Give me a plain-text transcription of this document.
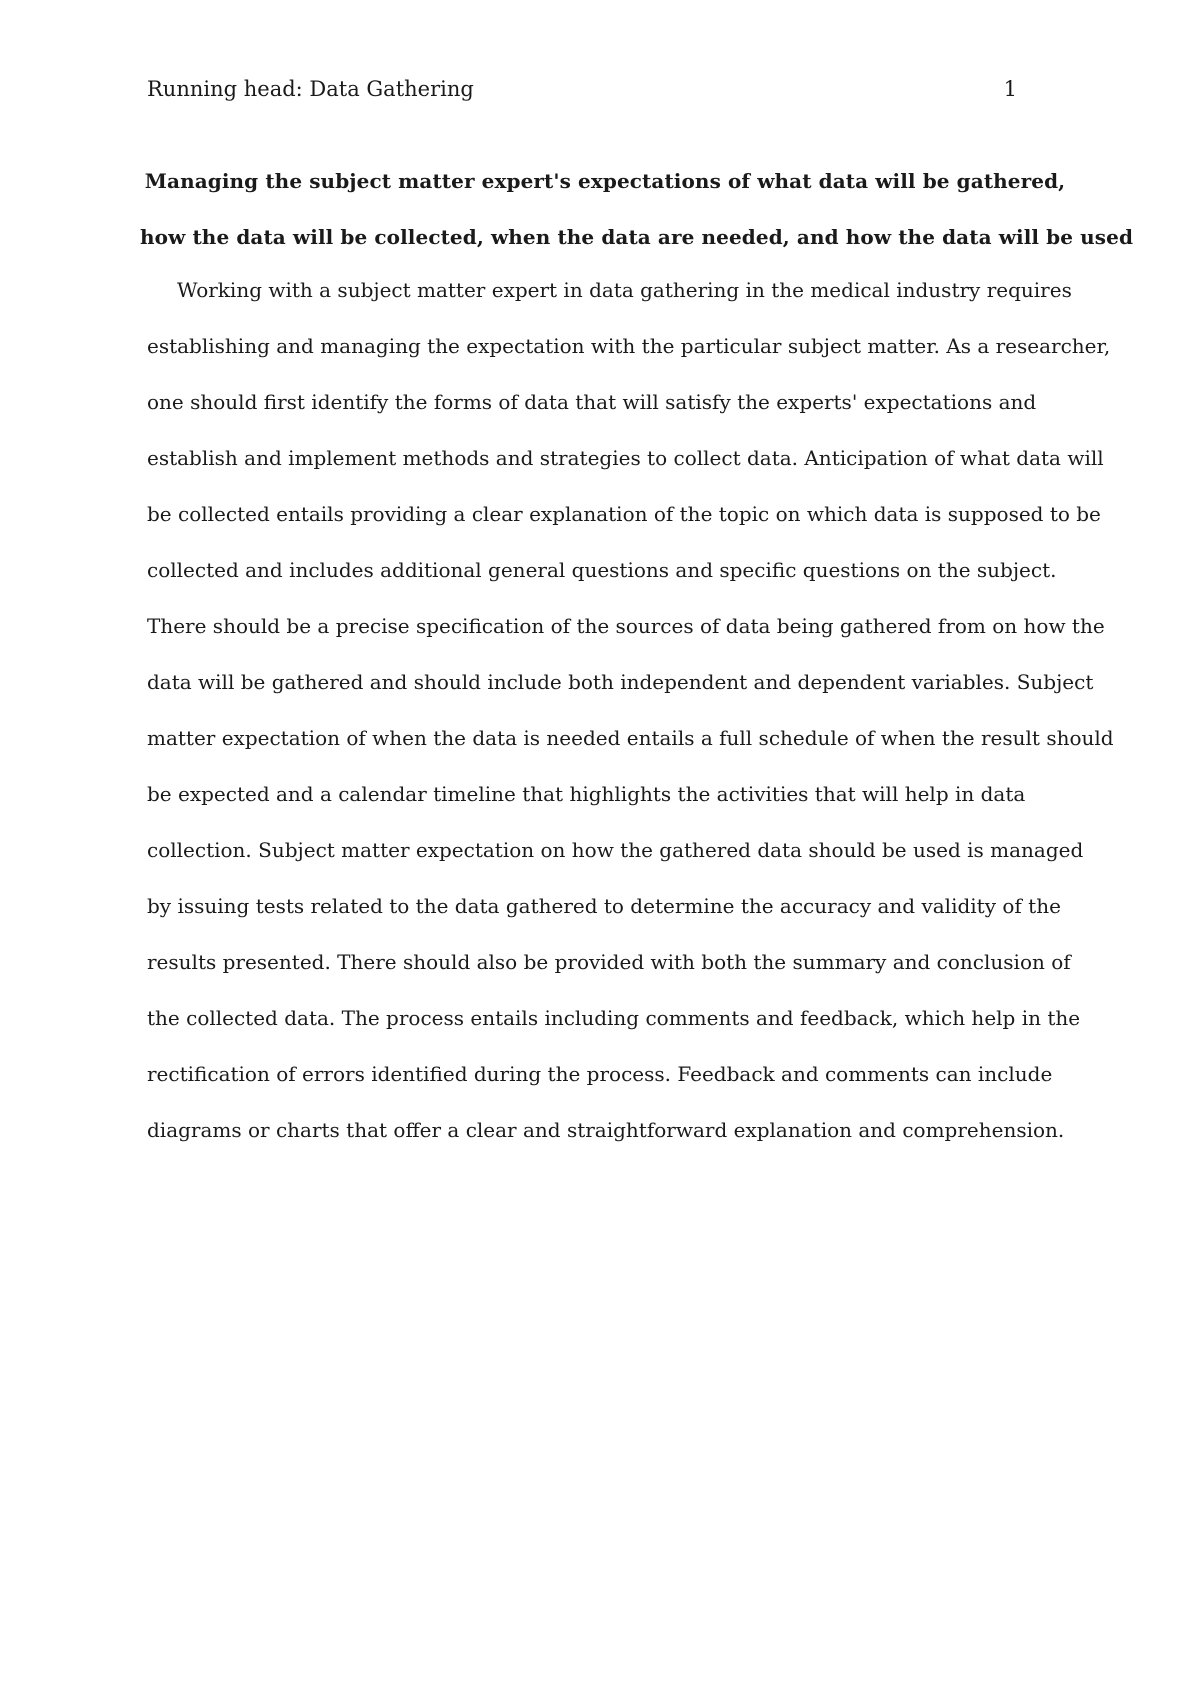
Running head: Data Gathering	1
Managing the subject matter expert's expectations of what data will be gathered,
how the data will be collected, when the data are needed, and how the data will be used
Working with a subject matter expert in data gathering in the medical industry requires
establishing and managing the expectation with the particular subject matter. As a researcher,
one should first identify the forms of data that will satisfy the experts' expectations and
establish and implement methods and strategies to collect data. Anticipation of what data will
be collected entails providing a clear explanation of the topic on which data is supposed to be
collected and includes additional general questions and specific questions on the subject.
There should be a precise specification of the sources of data being gathered from on how the
data will be gathered and should include both independent and dependent variables. Subject
matter expectation of when the data is needed entails a full schedule of when the result should
be expected and a calendar timeline that highlights the activities that will help in data
collection. Subject matter expectation on how the gathered data should be used is managed
by issuing tests related to the data gathered to determine the accuracy and validity of the
results presented. There should also be provided with both the summary and conclusion of
the collected data. The process entails including comments and feedback, which help in the
rectification of errors identified during the process. Feedback and comments can include
diagrams or charts that offer a clear and straightforward explanation and comprehension.
